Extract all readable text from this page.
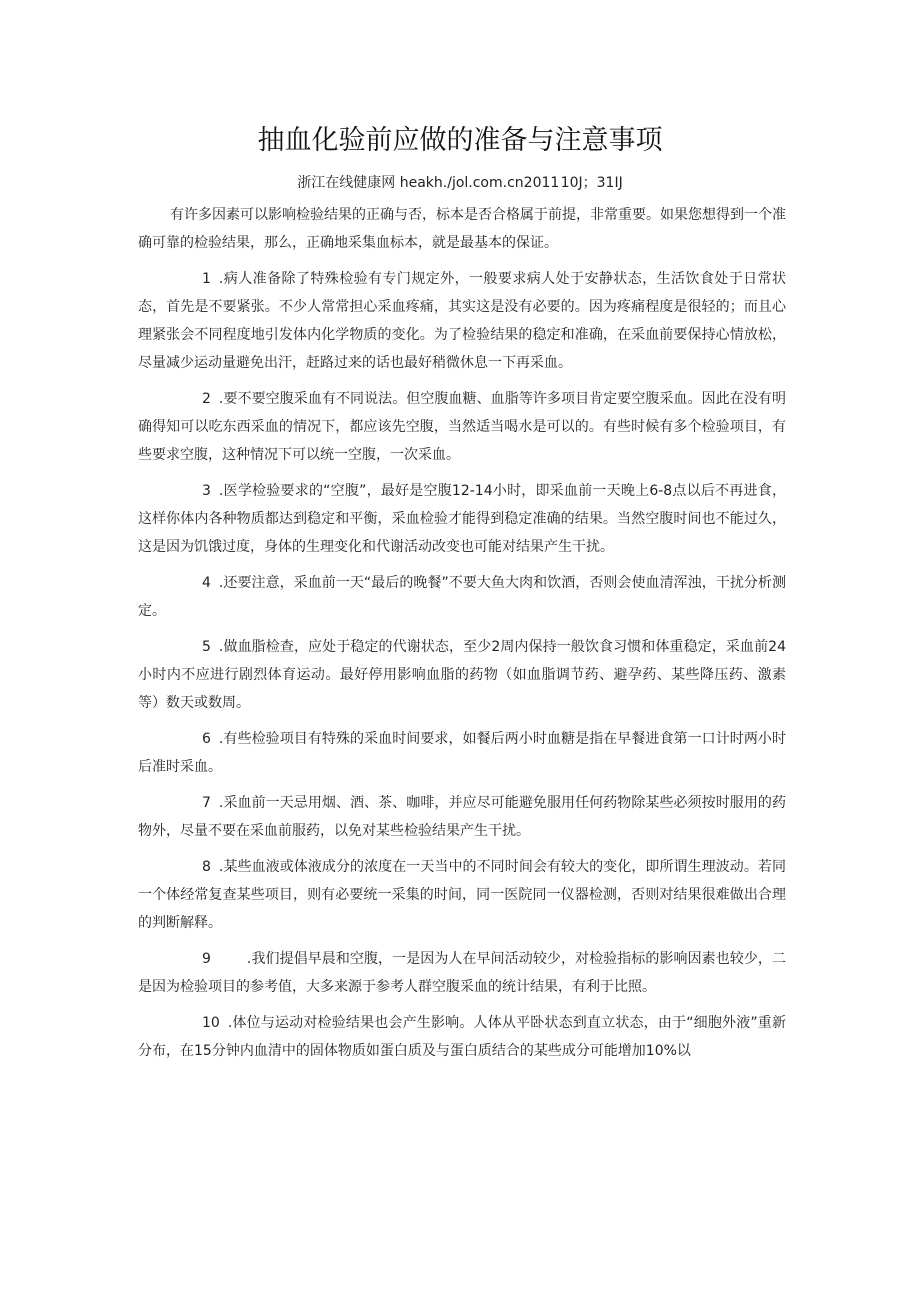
抽血化验前应做的准备与注意事项
浙江在线健康网 heakh./jol.com.cn2011 10J；31IJ

有许多因素可以影响检验结果的正确与否，标本是否合格属于前提，非常重要。如果您想得到一个准确可靠的检验结果，那么，正确地采集血标本，就是最基本的保证。

1 .病人准备除了特殊检验有专门规定外，一般要求病人处于安静状态，生活饮食处于日常状态，首先是不要紧张。不少人常常担心采血疼痛，其实这是没有必要的。因为疼痛程度是很轻的；而且心理紧张会不同程度地引发体内化学物质的变化。为了检验结果的稳定和准确，在采血前要保持心情放松，尽量减少运动量避免出汗，赶路过来的话也最好稍微休息一下再采血。

2 .要不要空腹采血有不同说法。但空腹血糖、血脂等许多项目肯定要空腹采血。因此在没有明确得知可以吃东西采血的情况下，都应该先空腹，当然适当喝水是可以的。有些时候有多个检验项目，有些要求空腹，这种情况下可以统一空腹，一次采血。

3 .医学检验要求的“空腹”，最好是空腹12-14小时，即采血前一天晚上6-8点以后不再进食，这样你体内各种物质都达到稳定和平衡，采血检验才能得到稳定准确的结果。当然空腹时间也不能过久，这是因为饥饿过度，身体的生理变化和代谢活动改变也可能对结果产生干扰。

4 .还要注意，采血前一天“最后的晚餐”不要大鱼大肉和饮酒，否则会使血清浑浊，干扰分析测定。

5 .做血脂检查，应处于稳定的代谢状态，至少2周内保持一般饮食习惯和体重稳定，采血前24小时内不应进行剧烈体育运动。最好停用影响血脂的药物（如血脂调节药、避孕药、某些降压药、激素等）数天或数周。

6 .有些检验项目有特殊的采血时间要求，如餐后两小时血糖是指在早餐进食第一口计时两小时后准时采血。

7 .采血前一天忌用烟、酒、茶、咖啡，并应尽可能避免服用任何药物除某些必须按时服用的药物外，尽量不要在采血前服药，以免对某些检验结果产生干扰。

8 .某些血液或体液成分的浓度在一天当中的不同时间会有较大的变化，即所谓生理波动。若同一个体经常复查某些项目，则有必要统一采集的时间，同一医院同一仪器检测，否则对结果很难做出合理的判断解释。

9	.我们提倡早晨和空腹，一是因为人在早间活动较少，对检验指标的影响因素也较少，二是因为检验项目的参考值，大多来源于参考人群空腹采血的统计结果，有利于比照。

10 .体位与运动对检验结果也会产生影响。人体从平卧状态到直立状态，由于“细胞外液”重新分布，在15分钟内血清中的固体物质如蛋白质及与蛋白质结合的某些成分可能增加10%以
